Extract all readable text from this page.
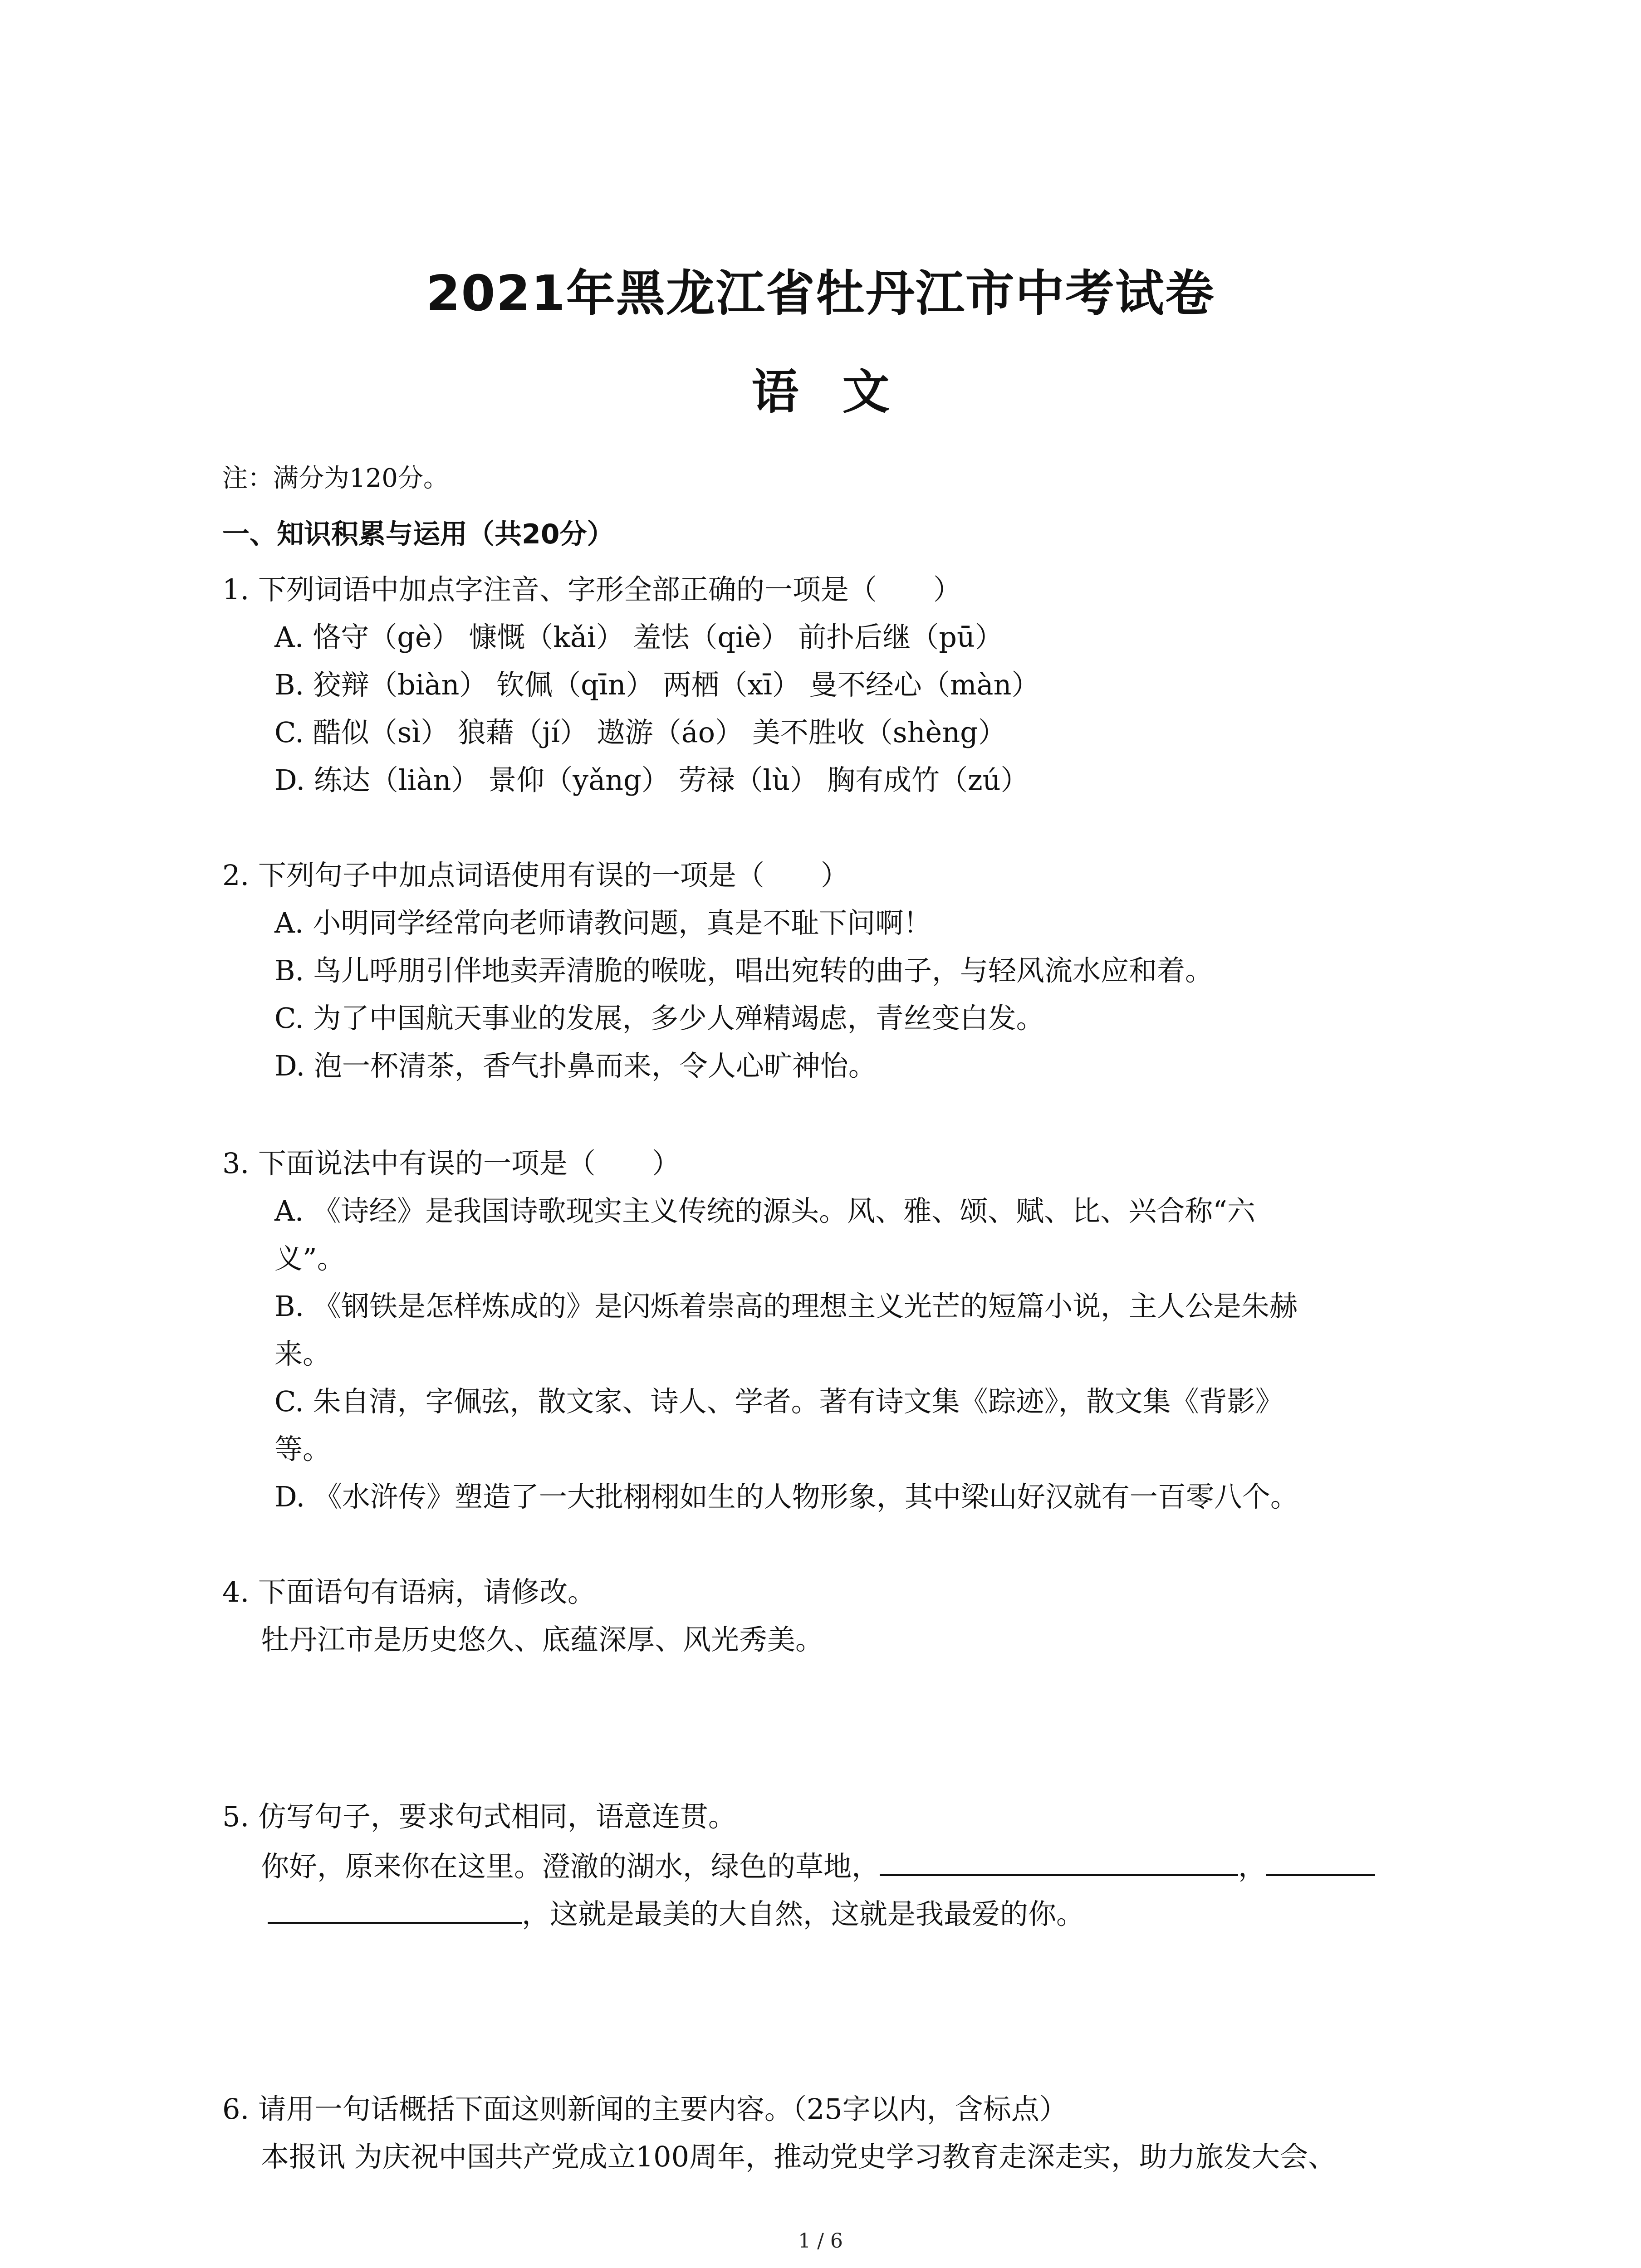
2021年黑龙江省牡丹江市中考试卷
语 文
注：满分为120分。
一、知识积累与运用（共20分）
1. 下列词语中加点字注音、字形全部正确的一项是（　　）
A. 恪守（gè） 慷慨（kǎi） 羞怯（qiè） 前扑后继（pū）
B. 狡辩（biàn） 钦佩（qīn） 两栖（xī） 曼不经心（màn）
C. 酷似（sì） 狼藉（jí） 遨游（áo） 美不胜收（shèng）
D. 练达（liàn） 景仰（yǎng） 劳禄（lù） 胸有成竹（zú）
2. 下列句子中加点词语使用有误的一项是（　　）
A. 小明同学经常向老师请教问题，真是不耻下问啊！
B. 鸟儿呼朋引伴地卖弄清脆的喉咙，唱出宛转的曲子，与轻风流水应和着。
C. 为了中国航天事业的发展，多少人殚精竭虑，青丝变白发。
D. 泡一杯清茶，香气扑鼻而来，令人心旷神怡。
3. 下面说法中有误的一项是（　　）
A. 《诗经》是我国诗歌现实主义传统的源头。风、雅、颂、赋、比、兴合称“六
义”。
B. 《钢铁是怎样炼成的》是闪烁着崇高的理想主义光芒的短篇小说，主人公是朱赫
来。
C. 朱自清，字佩弦，散文家、诗人、学者。著有诗文集《踪迹》，散文集《背影》
等。
D. 《水浒传》塑造了一大批栩栩如生的人物形象，其中梁山好汉就有一百零八个。
4. 下面语句有语病，请修改。
牡丹江市是历史悠久、底蕴深厚、风光秀美。
5. 仿写句子，要求句式相同，语意连贯。
你好，原来你在这里。澄澈的湖水，绿色的草地，	，
，这就是最美的大自然，这就是我最爱的你。
6. 请用一句话概括下面这则新闻的主要内容。（25字以内，含标点）
本报讯 为庆祝中国共产党成立100周年，推动党史学习教育走深走实，助力旅发大会、
1 / 6
